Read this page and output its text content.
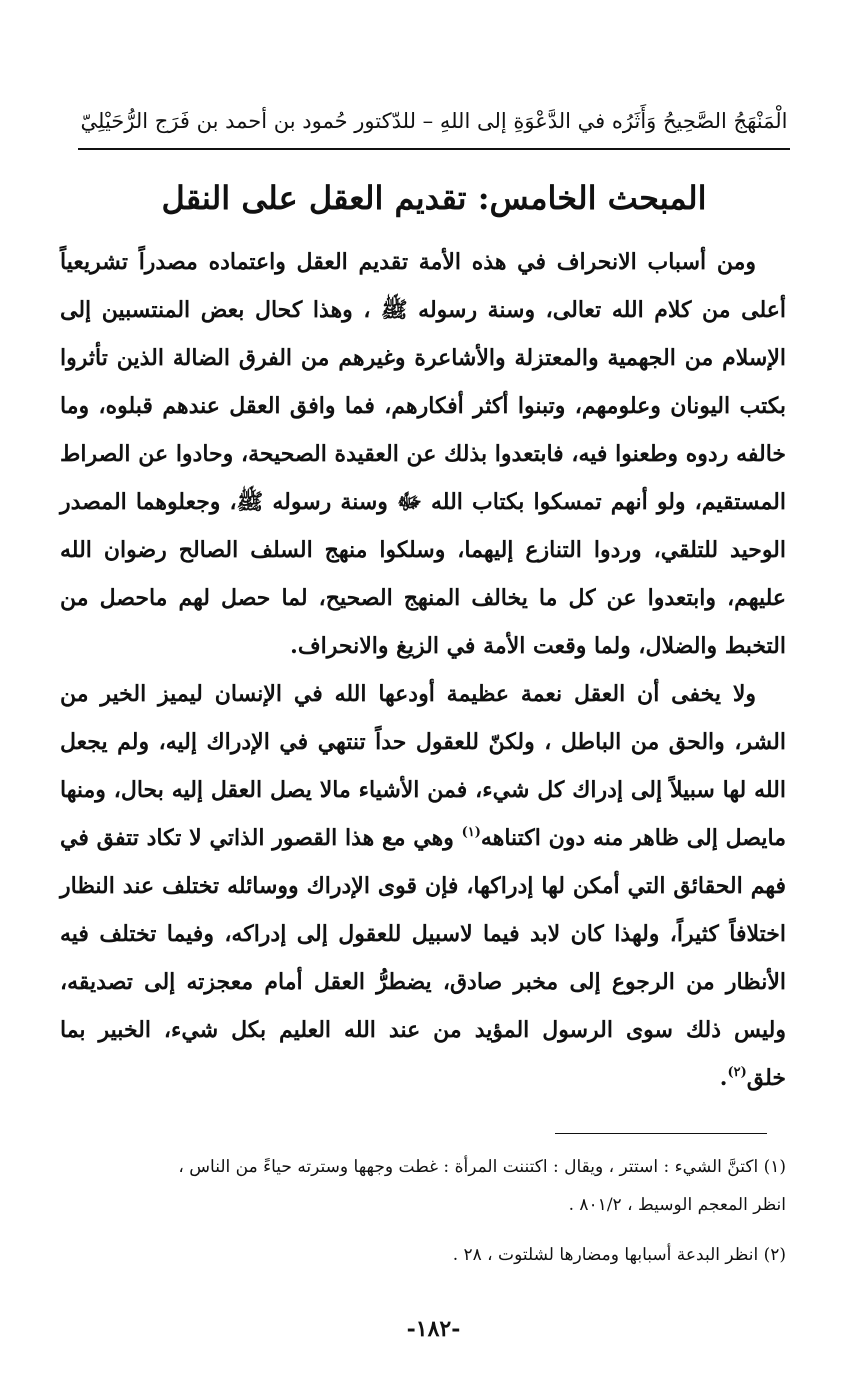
الْمَنْهَجُ الصَّحِيحُ وَأَثَرُه في الدَّعْوَةِ إلى اللهِ – للدّكتور حُمود بن أحمد بن فَرَج الرُّحَيْلِيّ
المبحث الخامس: تقديم العقل على النقل

ومن أسباب الانحراف في هذه الأمة تقديم العقل واعتماده مصدراً تشريعياً أعلى من كلام الله تعالى، وسنة رسوله ﷺ ، وهذا كحال بعض المنتسبين إلى الإسلام من الجهمية والمعتزلة والأشاعرة وغيرهم من الفرق الضالة الذين تأثروا بكتب اليونان وعلومهم، وتبنوا أكثر أفكارهم، فما وافق العقل عندهم قبلوه، وما خالفه ردوه وطعنوا فيه، فابتعدوا بذلك عن العقيدة الصحيحة، وحادوا عن الصراط المستقيم، ولو أنهم تمسكوا بكتاب الله ﷻ وسنة رسوله ﷺ، وجعلوهما المصدر الوحيد للتلقي، وردوا التنازع إليهما، وسلكوا منهج السلف الصالح رضوان الله عليهم، وابتعدوا عن كل ما يخالف المنهج الصحيح، لما حصل لهم ماحصل من التخبط والضلال، ولما وقعت الأمة في الزيغ والانحراف.

ولا يخفى أن العقل نعمة عظيمة أودعها الله في الإنسان ليميز الخير من الشر، والحق من الباطل ، ولكنّ للعقول حداً تنتهي في الإدراك إليه، ولم يجعل الله لها سبيلاً إلى إدراك كل شيء، فمن الأشياء مالا يصل العقل إليه بحال، ومنها مايصل إلى ظاهر منه دون اكتناهه$^{(١)}$ وهي مع هذا القصور الذاتي لا تكاد تتفق في فهم الحقائق التي أمكن لها إدراكها، فإن قوى الإدراك ووسائله تختلف عند النظار اختلافاً كثيراً، ولهذا كان لابد فيما لاسبيل للعقول إلى إدراكه، وفيما تختلف فيه الأنظار من الرجوع إلى مخبر صادق، يضطرُّ العقل أمام معجزته إلى تصديقه، وليس ذلك سوى الرسول المؤيد من عند الله العليم بكل شيء، الخبير بما خلق$^{(٢)}$.

(١) اكتنَّ الشيء : استتر ، ويقال : اكتننت المرأة : غطت وجهها وسترته حياءً من الناس ،

انظر المعجم الوسيط ، ٨٠١/٢ .

(٢) انظر البدعة أسبابها ومضارها لشلتوت ، ٢٨ .

-١٨٢-
